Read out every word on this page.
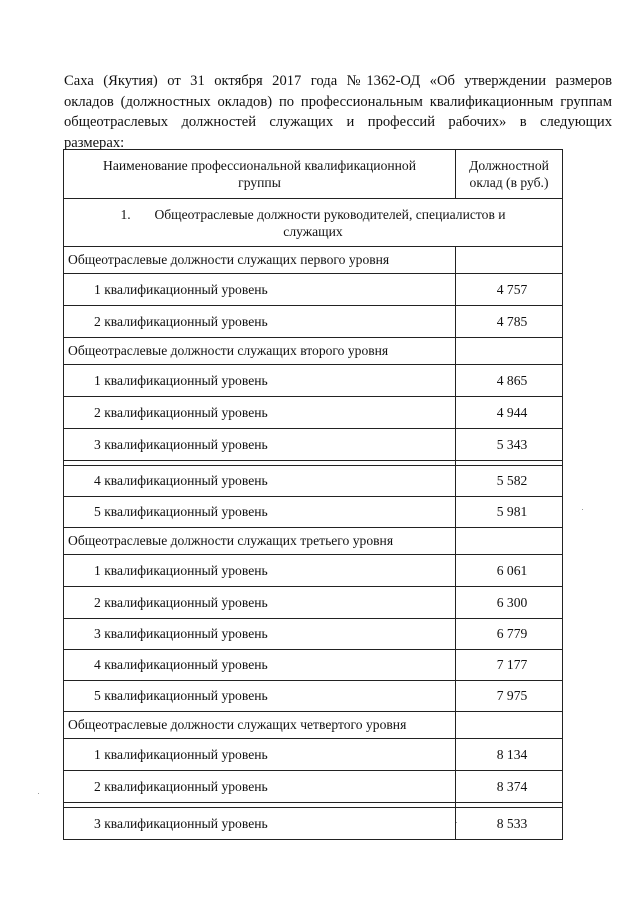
Саха (Якутия) от 31 октября 2017 года №1362-ОД «Об утверждении размеров
окладов (должностных окладов) по профессиональным квалификационным группам
общеотраслевых должностей служащих и профессий рабочих» в следующих
размерах:

Наименование профессиональной квалификационной
группы	Должностной
оклад (в руб.)
1. Общеотраслевые должности руководителей, специалистов и
служащих	
Общеотраслевые должности служащих первого уровня	
1 квалификационный уровень	4 757
2 квалификационный уровень	4 785
Общеотраслевые должности служащих второго уровня	
1 квалификационный уровень	4 865
2 квалификационный уровень	4 944
3 квалификационный уровень	5 343

4 квалификационный уровень	5 582
5 квалификационный уровень	5 981
Общеотраслевые должности служащих третьего уровня	
1 квалификационный уровень	6 061
2 квалификационный уровень	6 300
3 квалификационный уровень	6 779
4 квалификационный уровень	7 177
5 квалификационный уровень	7 975
Общеотраслевые должности служащих четвертого уровня	
1 квалификационный уровень	8 134
2 квалификационный уровень	8 374

3 квалификационный уровень	8 533
